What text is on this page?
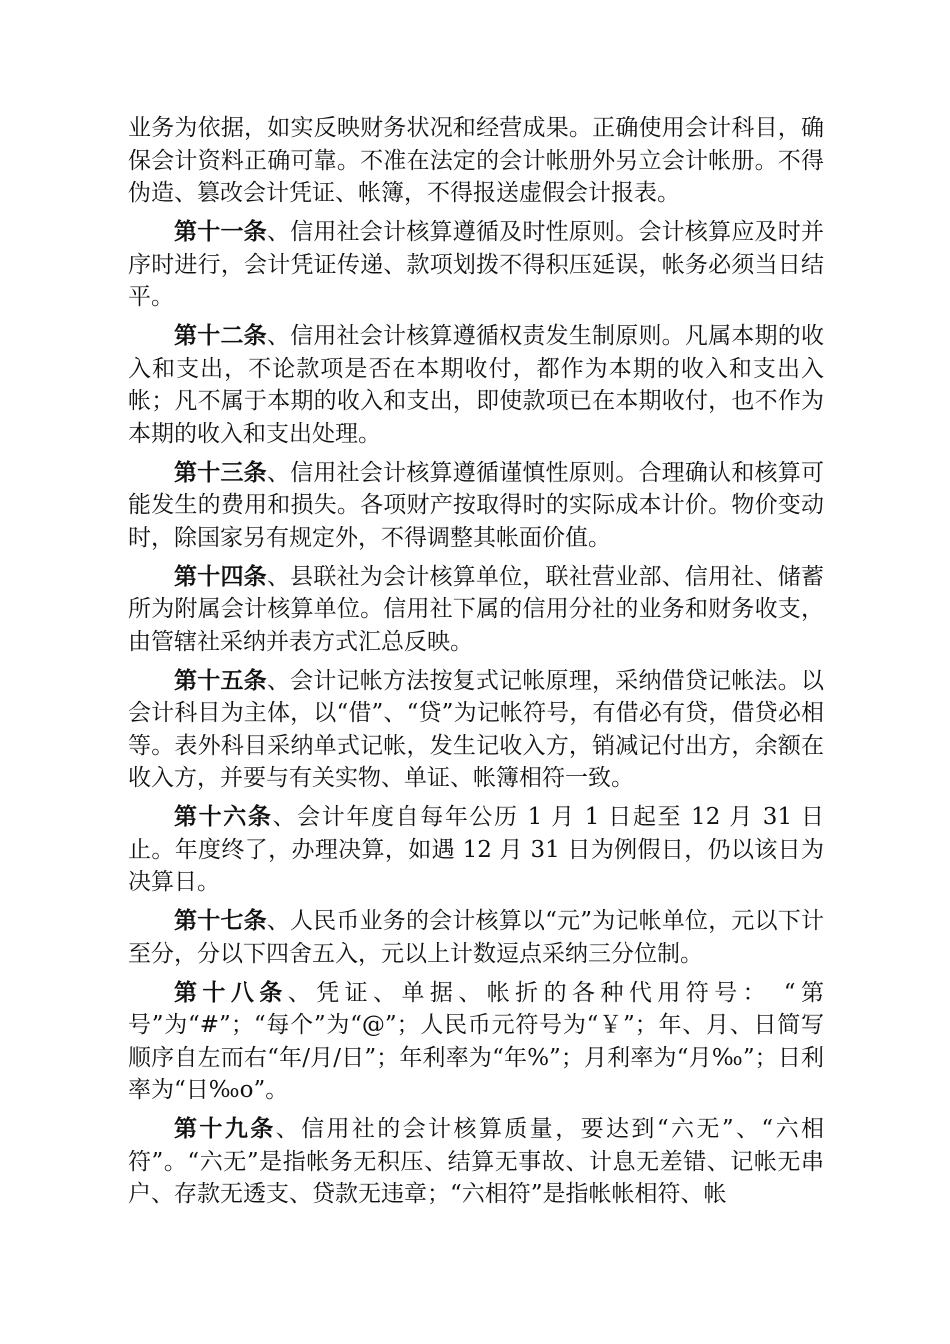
业务为依据，如实反映财务状况和经营成果。正确使用会计科目，确保会计资料正确可靠。不准在法定的会计帐册外另立会计帐册。不得伪造、篡改会计凭证、帐簿，不得报送虚假会计报表。

第十一条、信用社会计核算遵循及时性原则。会计核算应及时并序时进行，会计凭证传递、款项划拨不得积压延误，帐务必须当日结平。

第十二条、信用社会计核算遵循权责发生制原则。凡属本期的收入和支出，不论款项是否在本期收付，都作为本期的收入和支出入帐；凡不属于本期的收入和支出，即使款项已在本期收付，也不作为本期的收入和支出处理。

第十三条、信用社会计核算遵循谨慎性原则。合理确认和核算可能发生的费用和损失。各项财产按取得时的实际成本计价。物价变动时，除国家另有规定外，不得调整其帐面价值。

第十四条、县联社为会计核算单位，联社营业部、信用社、储蓄所为附属会计核算单位。信用社下属的信用分社的业务和财务收支，由管辖社采纳并表方式汇总反映。

第十五条、会计记帐方法按复式记帐原理，采纳借贷记帐法。以会计科目为主体，以“借”、“贷”为记帐符号，有借必有贷，借贷必相等。表外科目采纳单式记帐，发生记收入方，销减记付出方，余额在收入方，并要与有关实物、单证、帐簿相符一致。

第十六条、会计年度自每年公历 1 月 1 日起至 12 月 31 日止。年度终了，办理决算，如遇 12 月 31 日为例假日，仍以该日为决算日。

第十七条、人民币业务的会计核算以“元”为记帐单位，元以下计至分，分以下四舍五入，元以上计数逗点采纳三分位制。

第十八条、凭证、单据、帐折的各种代用符号： “第号”为“#”；“每个”为“@”；人民币元符号为“￥”；年、月、日简写顺序自左而右“年/月/日”；年利率为“年%”；月利率为“月‰”；日利率为“日‰o”。

第十九条、信用社的会计核算质量，要达到“六无”、“六相符”。“六无”是指帐务无积压、结算无事故、计息无差错、记帐无串户、存款无透支、贷款无违章；“六相符”是指帐帐相符、帐
